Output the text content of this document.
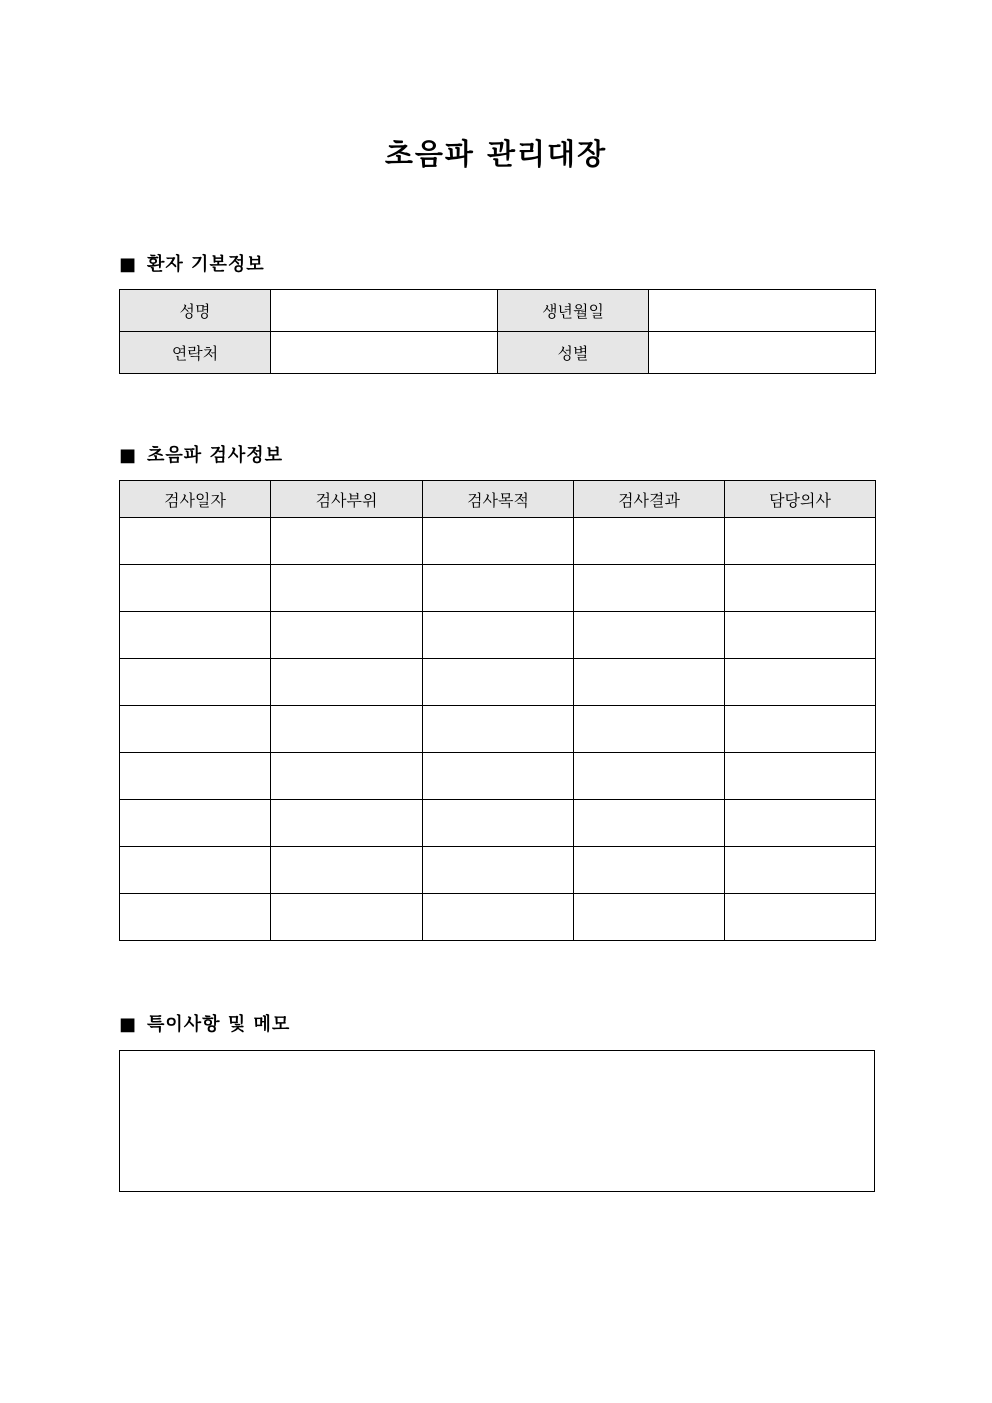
초음파 관리대장
■ 환자 기본정보
성명		생년월일	
연락처		성별	
■ 초음파 검사정보
검사일자	검사부위	검사목적	검사결과	담당의사

■ 특이사항 및 메모
